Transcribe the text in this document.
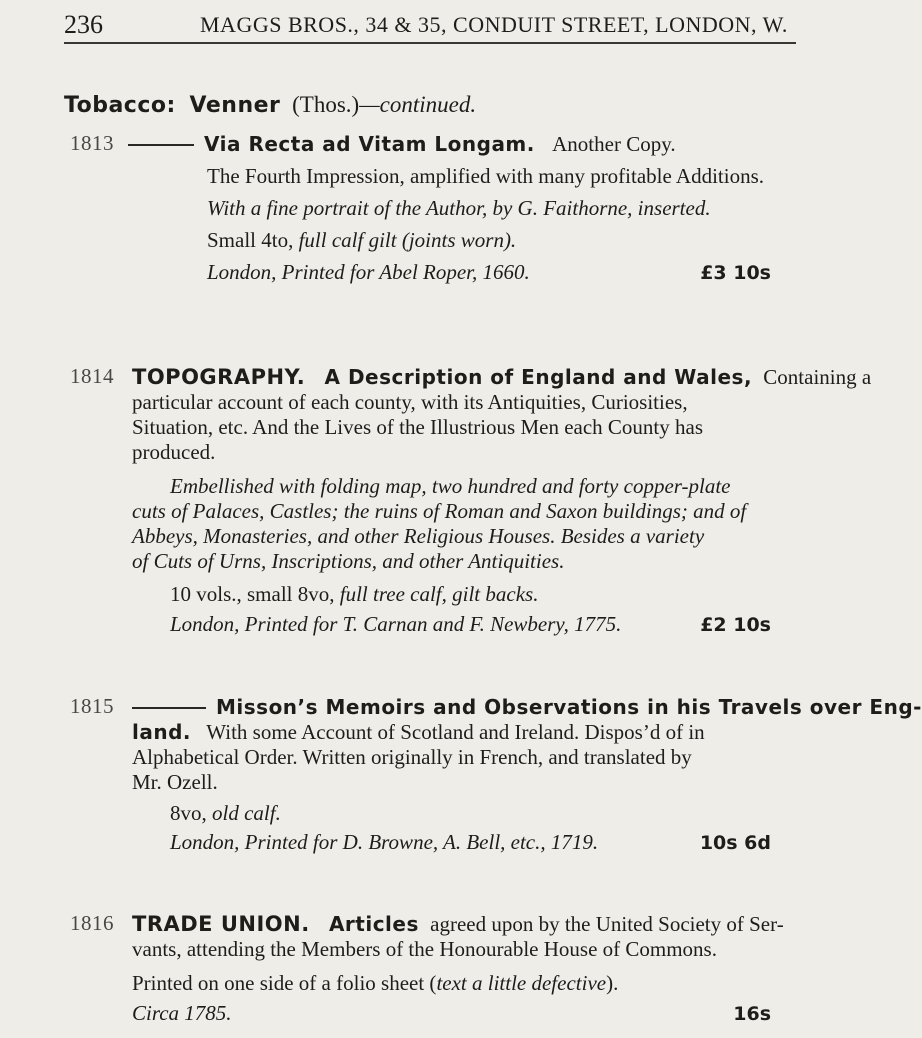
236	MAGGS BROS., 34 & 35, CONDUIT STREET, LONDON, W.
Tobacco: Venner (Thos.)—continued.
1813	Via Recta ad Vitam Longam. Another Copy.
The Fourth Impression, amplified with many profitable Additions.
With a fine portrait of the Author, by G. Faithorne, inserted.
Small 4to, full calf gilt (joints worn).
London, Printed for Abel Roper, 1660.	£3 10s
1814 TOPOGRAPHY. A Description of England and Wales, Containing a
particular account of each county, with its Antiquities, Curiosities,
Situation, etc. And the Lives of the Illustrious Men each County has
produced.
Embellished with folding map, two hundred and forty copper-plate
cuts of Palaces, Castles; the ruins of Roman and Saxon buildings; and of
Abbeys, Monasteries, and other Religious Houses. Besides a variety
of Cuts of Urns, Inscriptions, and other Antiquities.
10 vols., small 8vo, full tree calf, gilt backs.
London, Printed for T. Carnan and F. Newbery, 1775.	£2 10s
1815	Misson’s Memoirs and Observations in his Travels over Eng-
land. With some Account of Scotland and Ireland. Dispos’d of in
Alphabetical Order. Written originally in French, and translated by
Mr. Ozell.
8vo, old calf.
London, Printed for D. Browne, A. Bell, etc., 1719.	10s 6d
1816 TRADE UNION. Articles agreed upon by the United Society of Ser-
vants, attending the Members of the Honourable House of Commons.
Printed on one side of a folio sheet (text a little defective).
Circa 1785.	16s
